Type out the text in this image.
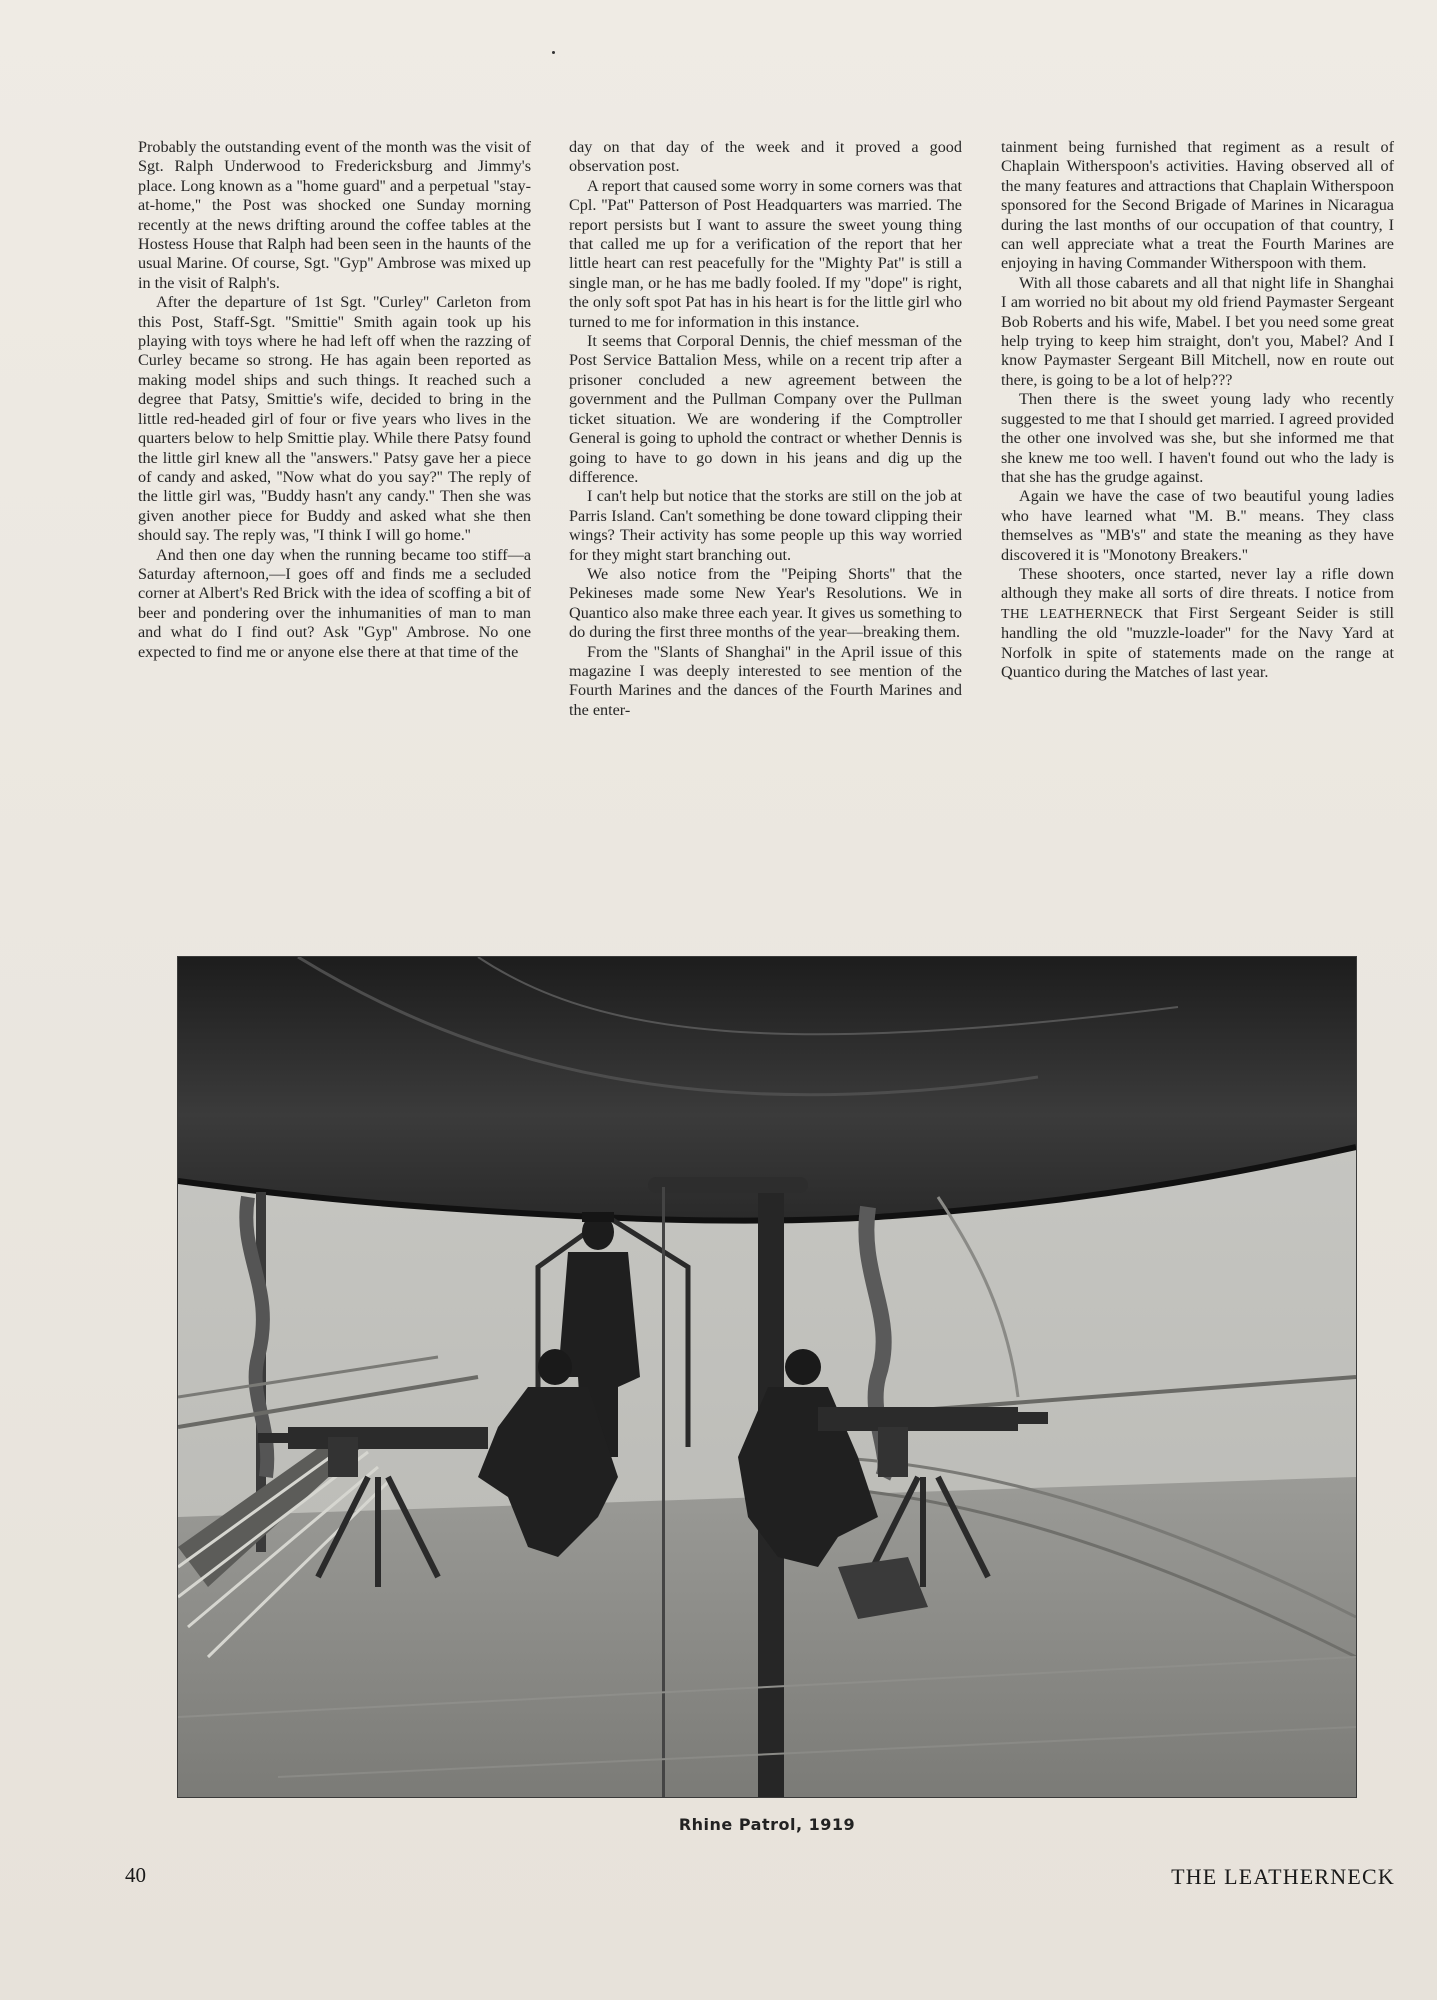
Probably the outstanding event of the month was the visit of Sgt. Ralph Underwood to Fredericksburg and Jimmy's place. Long known as a ''home guard'' and a perpetual ''stay-at-home,'' the Post was shocked one Sunday morning recently at the news drifting around the coffee tables at the Hostess House that Ralph had been seen in the haunts of the usual Marine. Of course, Sgt. ''Gyp'' Ambrose was mixed up in the visit of Ralph's.

After the departure of 1st Sgt. ''Curley'' Carleton from this Post, Staff-Sgt. ''Smittie'' Smith again took up his playing with toys where he had left off when the razzing of Curley became so strong. He has again been reported as making model ships and such things. It reached such a degree that Patsy, Smittie's wife, decided to bring in the little red-headed girl of four or five years who lives in the quarters below to help Smittie play. While there Patsy found the little girl knew all the ''answers.'' Patsy gave her a piece of candy and asked, ''Now what do you say?'' The reply of the little girl was, ''Buddy hasn't any candy.'' Then she was given another piece for Buddy and asked what she then should say. The reply was, ''I think I will go home.''

And then one day when the running became too stiff—a Saturday afternoon,—I goes off and finds me a secluded corner at Albert's Red Brick with the idea of scoffing a bit of beer and pondering over the inhumanities of man to man and what do I find out? Ask ''Gyp'' Ambrose. No one expected to find me or anyone else there at that time of the

day on that day of the week and it proved a good observation post.

A report that caused some worry in some corners was that Cpl. ''Pat'' Patterson of Post Headquarters was married. The report persists but I want to assure the sweet young thing that called me up for a verification of the report that her little heart can rest peacefully for the ''Mighty Pat'' is still a single man, or he has me badly fooled. If my ''dope'' is right, the only soft spot Pat has in his heart is for the little girl who turned to me for information in this instance.

It seems that Corporal Dennis, the chief messman of the Post Service Battalion Mess, while on a recent trip after a prisoner concluded a new agreement between the government and the Pullman Company over the Pullman ticket situation. We are wondering if the Comptroller General is going to uphold the contract or whether Dennis is going to have to go down in his jeans and dig up the difference.

I can't help but notice that the storks are still on the job at Parris Island. Can't something be done toward clipping their wings? Their activity has some people up this way worried for they might start branching out.

We also notice from the ''Peiping Shorts'' that the Pekineses made some New Year's Resolutions. We in Quantico also make three each year. It gives us something to do during the first three months of the year—breaking them.

From the ''Slants of Shanghai'' in the April issue of this magazine I was deeply interested to see mention of the Fourth Marines and the dances of the Fourth Marines and the enter-

tainment being furnished that regiment as a result of Chaplain Witherspoon's activities. Having observed all of the many features and attractions that Chaplain Witherspoon sponsored for the Second Brigade of Marines in Nicaragua during the last months of our occupation of that country, I can well appreciate what a treat the Fourth Marines are enjoying in having Commander Witherspoon with them.

With all those cabarets and all that night life in Shanghai I am worried no bit about my old friend Paymaster Sergeant Bob Roberts and his wife, Mabel. I bet you need some great help trying to keep him straight, don't you, Mabel? And I know Paymaster Sergeant Bill Mitchell, now en route out there, is going to be a lot of help???

Then there is the sweet young lady who recently suggested to me that I should get married. I agreed provided the other one involved was she, but she informed me that she knew me too well. I haven't found out who the lady is that she has the grudge against.

Again we have the case of two beautiful young ladies who have learned what ''M. B.'' means. They class themselves as ''MB's'' and state the meaning as they have discovered it is ''Monotony Breakers.''

These shooters, once started, never lay a rifle down although they make all sorts of dire threats. I notice from THE LEATHERNECK that First Sergeant Seider is still handling the old ''muzzle-loader'' for the Navy Yard at Norfolk in spite of statements made on the range at Quantico during the Matches of last year.

Rhine Patrol, 1919
40	THE LEATHERNECK
